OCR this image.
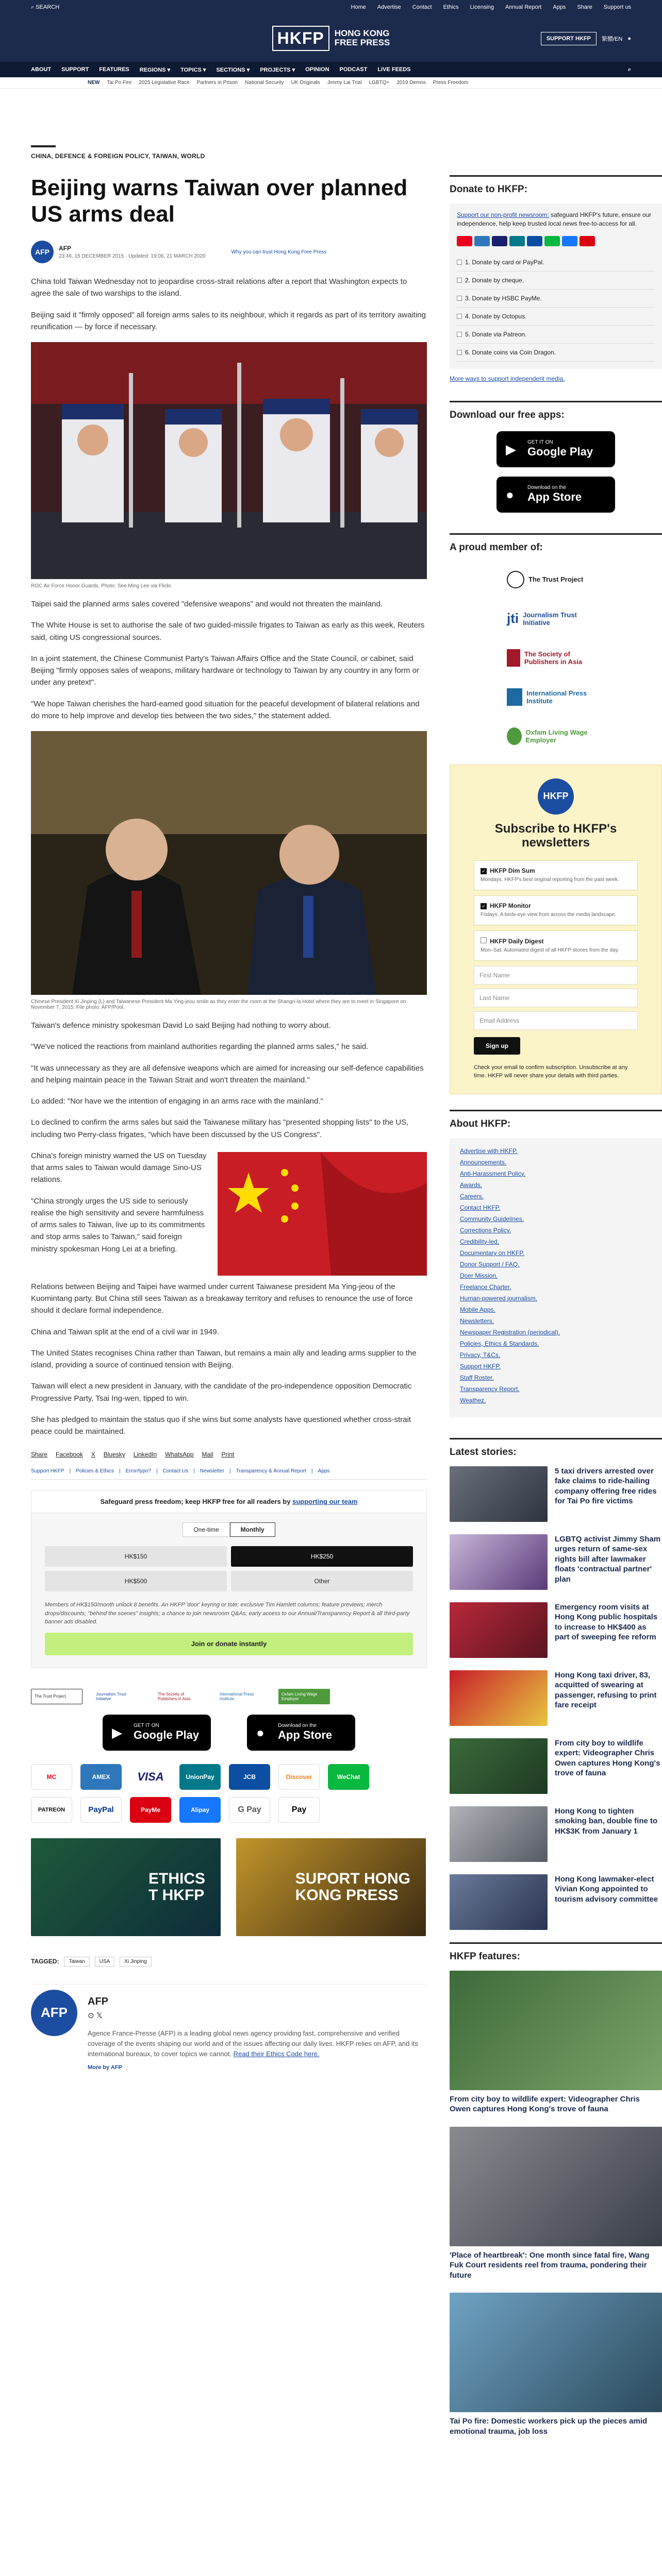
⌕ SEARCH	Home Advertise Contact Ethics Licensing Annual Report Apps Share Support us
HKFP	HONG KONG
FREE PRESS	SUPPORT HKFP	繁體/EN ●
ABOUT SUPPORT FEATURES REGIONS ▾ TOPICS ▾ SECTIONS ▾ PROJECTS ▾ OPINION PODCAST LIVE FEEDS	⌕
NEW Tai Po Fire 2025 Legislative Race Partners in Prison National Security UK Originals Jimmy Lai Trial LGBTQ+ 2019 Demos Press Freedom
CHINA, DEFENCE & FOREIGN POLICY, TAIWAN, WORLD
Beijing warns Taiwan over planned US arms deal
AFP	AFP
23:46, 15 DECEMBER 2015 · Updated: 19:06, 21 MARCH 2020
Why you can trust Hong Kong Free Press

China told Taiwan Wednesday not to jeopardise cross-strait relations after a report that Washington expects to agree the sale of two warships to the island.

Beijing said it "firmly opposed" all foreign arms sales to its neighbour, which it regards as part of its territory awaiting reunification — by force if necessary.

ROC Air Force Honor Guards. Photo: See Ming Lee via Flickr.

Taipei said the planned arms sales covered "defensive weapons" and would not threaten the mainland.

The White House is set to authorise the sale of two guided-missile frigates to Taiwan as early as this week, Reuters said, citing US congressional sources.

In a joint statement, the Chinese Communist Party's Taiwan Affairs Office and the State Council, or cabinet, said Beijing "firmly opposes sales of weapons, military hardware or technology to Taiwan by any country in any form or under any pretext".

"We hope Taiwan cherishes the hard-earned good situation for the peaceful development of bilateral relations and do more to help improve and develop ties between the two sides," the statement added.

Chinese President Xi Jinping (L) and Taiwanese President Ma Ying-jeou smile as they enter the room at the Shangri-la Hotel where they are to meet in Singapore on November 7, 2015. File photo: AFP/Pool.

Taiwan's defence ministry spokesman David Lo said Beijing had nothing to worry about.

"We've noticed the reactions from mainland authorities regarding the planned arms sales," he said.

"It was unnecessary as they are all defensive weapons which are aimed for increasing our self-defence capabilities and helping maintain peace in the Taiwan Strait and won't threaten the mainland."

Lo added: "Nor have we the intention of engaging in an arms race with the mainland."

Lo declined to confirm the arms sales but said the Taiwanese military has "presented shopping lists" to the US, including two Perry-class frigates, "which have been discussed by the US Congress".

China's foreign ministry warned the US on Tuesday that arms sales to Taiwan would damage Sino-US relations.

"China strongly urges the US side to seriously realise the high sensitivity and severe harmfulness of arms sales to Taiwan, live up to its commitments and stop arms sales to Taiwan," said foreign ministry spokesman Hong Lei at a briefing.

Relations between Beijing and Taipei have warmed under current Taiwanese president Ma Ying-jeou of the Kuomintang party. But China still sees Taiwan as a breakaway territory and refuses to renounce the use of force should it declare formal independence.

China and Taiwan split at the end of a civil war in 1949.

The United States recognises China rather than Taiwan, but remains a main ally and leading arms supplier to the island, providing a source of continued tension with Beijing.

Taiwan will elect a new president in January, with the candidate of the pro-independence opposition Democratic Progressive Party, Tsai Ing-wen, tipped to win.

She has pledged to maintain the status quo if she wins but some analysts have questioned whether cross-strait peace could be maintained.

Share Facebook X Bluesky LinkedIn WhatsApp Mail Print
Support HKFP | Policies & Ethics | Error/typo? | Contact Us | Newsletter | Transparency & Annual Report | Apps
Safeguard press freedom; keep HKFP free for all readers by supporting our team
One-time	Monthly
HK$150	HK$250
HK$500	Other
Members of HK$150/month unlock 8 benefits. An HKFP 'door' keyring or tote; exclusive Tim Hamlett columns; feature previews; merch drops/discounts; "behind the scenes" insights; a chance to join newsroom Q&As; early access to our Annual/Transparency Report & all third-party banner ads disabled.
Join or donate instantly
The Trust Project	Journalism Trust Initiative
The Society of Publishers in Asia
International Press Institute
Oxfam Living Wage Employer
▶ GET IT ON
Google Play	●	Download on the
App Store
MC	AMEX	VISA	UnionPay	JCB	Discover	WeChat
PATREON	PayPal	PayMe	Alipay	G Pay	Pay
ETHICS
T HKFP
SUPORT HONG
KONG PRESS
TAGGED:	Taiwan	USA	Xi Jinping
AFP
AFP
⊙ 𝕏

Agence France-Presse (AFP) is a leading global news agency providing fast, comprehensive and verified coverage of the events shaping our world and of the issues affecting our daily lives. HKFP relies on AFP, and its international bureaux, to cover topics we cannot. Read their Ethics Code here.

More by AFP
Donate to HKFP:

Support our non-profit newsroom: safeguard HKFP's future, ensure our independence, help keep trusted local news free-to-access for all.

1. Donate by card or PayPal.
2. Donate by cheque.
3. Donate by HSBC PayMe.
4. Donate by Octopus.
5. Donate via Patreon.
6. Donate coins via Coin Dragon.

More ways to support independent media.

Download our free apps:
▶ GET IT ON
Google Play
●	Download on the
App Store
A proud member of:
The Trust Project
jti Journalism Trust Initiative
The Society of Publishers in Asia
International Press Institute
Oxfam Living Wage Employer
HKFP
Subscribe to HKFP's newsletters
✓ HKFP Dim Sum

Mondays. HKFP's best original reporting from the past week.

✓ HKFP Monitor

Fridays. A birds-eye view from across the media landscape.

HKFP Daily Digest

Mon–Sat. Automated digest of all HKFP stories from the day.

First Name
Last Name
Email Address
Sign up
Check your email to confirm subscription. Unsubscribe at any time. HKFP will never share your details with third parties.
About HKFP:
Advertise with HKFP.
Announcements.
Anti-Harassment Policy.
Awards.
Careers.
Contact HKFP.
Community Guidelines.
Corrections Policy.
Credibility-led.
Documentary on HKFP.
Donor Support / FAQ.
Doer Mission.
Freelance Charter.
Human-powered journalism.
Mobile Apps.
Newsletters.
Newspaper Registration (periodical).
Policies, Ethics & Standards.
Privacy, T&Cs.
Support HKFP.
Staff Roster.
Transparency Report.
Weathez.
Latest stories:
5 taxi drivers arrested over fake claims to ride-hailing company offering free rides for Tai Po fire victims
LGBTQ activist Jimmy Sham urges return of same-sex rights bill after lawmaker floats 'contractual partner' plan
Emergency room visits at Hong Kong public hospitals to increase to HK$400 as part of sweeping fee reform
Hong Kong taxi driver, 83, acquitted of swearing at passenger, refusing to print fare receipt
From city boy to wildlife expert: Videographer Chris Owen captures Hong Kong's trove of fauna
Hong Kong to tighten smoking ban, double fine to HK$3K from January 1
Hong Kong lawmaker-elect Vivian Kong appointed to tourism advisory committee
HKFP features:
From city boy to wildlife expert: Videographer Chris Owen captures Hong Kong's trove of fauna
'Place of heartbreak': One month since fatal fire, Wang Fuk Court residents reel from trauma, pondering their future
Tai Po fire: Domestic workers pick up the pieces amid emotional trauma, job loss
